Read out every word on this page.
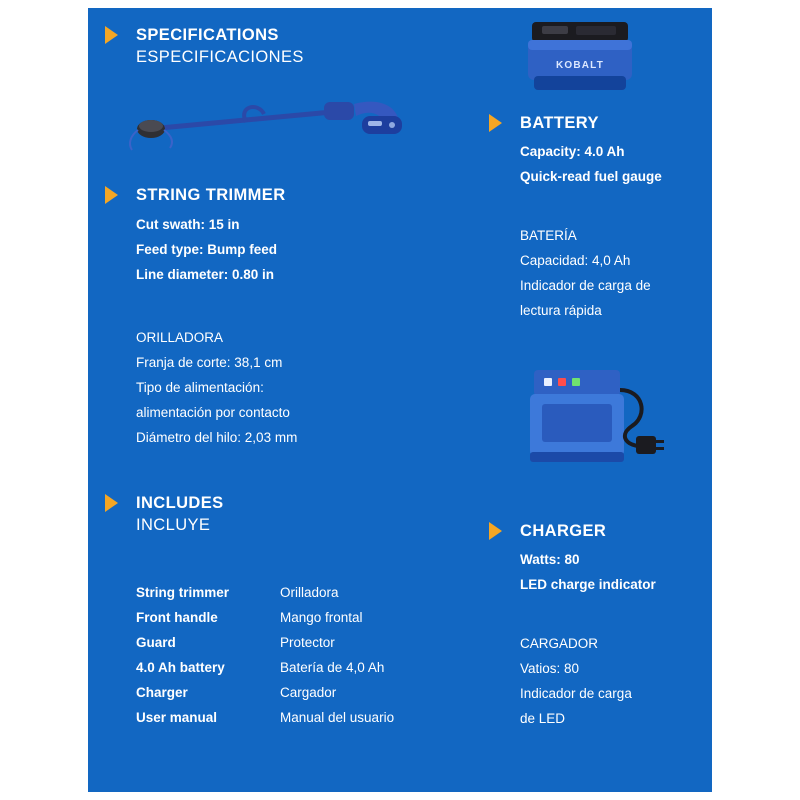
SPECIFICATIONS
ESPECIFICACIONES
STRING TRIMMER
Cut swath: 15 in
Feed type: Bump feed
Line diameter: 0.80 in
ORILLADORA
Franja de corte: 38,1 cm
Tipo de alimentación:
alimentación por contacto
Diámetro del hilo: 2,03 mm
INCLUDES
INCLUYE
String trimmer	Orilladora
Front handle	Mango frontal
Guard	Protector
4.0 Ah battery	Batería de 4,0 Ah
Charger	Cargador
User manual	Manual del usuario
KOBALT
BATTERY
Capacity: 4.0 Ah
Quick-read fuel gauge
BATERÍA
Capacidad: 4,0 Ah
Indicador de carga de
lectura rápida
CHARGER
Watts: 80
LED charge indicator
CARGADOR
Vatios: 80
Indicador de carga
de LED
